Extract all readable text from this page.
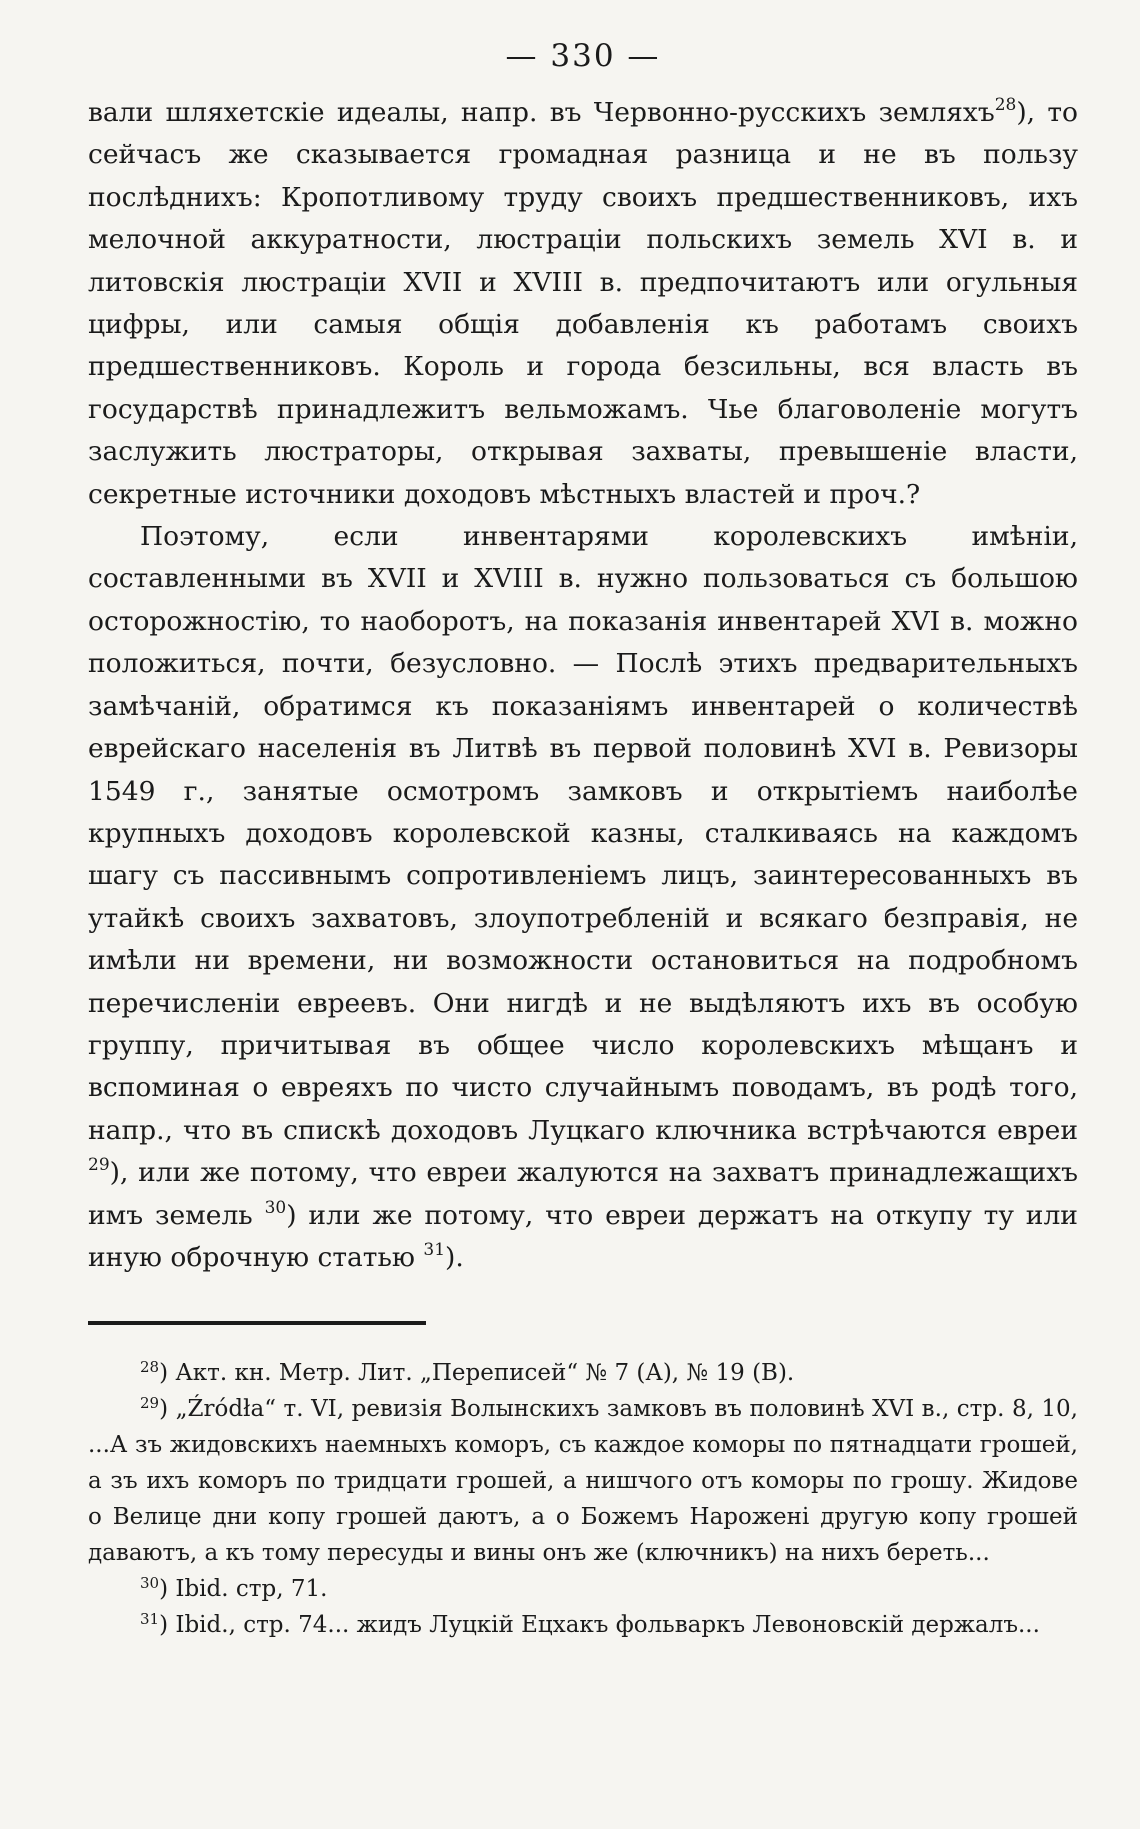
— 330 —

вали шляхетскіе идеалы, напр. въ Червонно-русскихъ земляхъ$^{28}$), то сейчасъ же сказывается громадная разница и не въ пользу послѣднихъ: Кропотливому труду своихъ предшественниковъ, ихъ мелочной аккуратности, люстраціи польскихъ земель XVI в. и литовскія люстраціи XVII и XVIII в. предпочитаютъ или огульныя цифры, или самыя общія добавленія къ работамъ своихъ предшественниковъ. Король и города безсильны, вся власть въ государствѣ принадлежитъ вельможамъ. Чье благоволеніе могутъ заслужить люстраторы, открывая захваты, превышеніе власти, секретные источники доходовъ мѣстныхъ властей и проч.?

Поэтому, если инвентарями королевскихъ имѣніи, составленными въ XVII и XVIII в. нужно пользоваться съ большою осторожностію, то наоборотъ, на показанія инвентарей XVI в. можно положиться, почти, безусловно. — Послѣ этихъ предварительныхъ замѣчаній, обратимся къ показаніямъ инвентарей о количествѣ еврейскаго населенія въ Литвѣ въ первой половинѣ XVI в. Ревизоры 1549 г., занятые осмотромъ замковъ и открытіемъ наиболѣе крупныхъ доходовъ королевской казны, сталкиваясь на каждомъ шагу съ пассивнымъ сопротивленіемъ лицъ, заинтересованныхъ въ утайкѣ своихъ захватовъ, злоупотребленій и всякаго безправія, не имѣли ни времени, ни возможности остановиться на подробномъ перечисленіи евреевъ. Они нигдѣ и не выдѣляютъ ихъ въ особую группу, причитывая въ общее число королевскихъ мѣщанъ и вспоминая о евреяхъ по чисто случайнымъ поводамъ, въ родѣ того, напр., что въ спискѣ доходовъ Луцкаго ключника встрѣчаются евреи $^{29}$), или же потому, что евреи жалуются на захватъ принадлежащихъ имъ земель $^{30}$) или же потому, что евреи держатъ на откупу ту или иную оброчную статью $^{31}$).

$^{28}$) Акт. кн. Метр. Лит. „Переписей“ № 7 (А), № 19 (В).

$^{29}$) „Źródła“ т. VI, ревизія Волынскихъ замковъ въ половинѣ XVI в., стр. 8, 10, ...А зъ жидовскихъ наемныхъ коморъ, съ каждое коморы по пятнадцати грошей, а зъ ихъ коморъ по тридцати грошей, а нишчого отъ коморы по грошу. Жидове о Велице дни копу грошей даютъ, а о Божемъ Нароженi другую копу грошей даваютъ, а къ тому пересуды и вины онъ же (ключникъ) на нихъ береть...

$^{30}$) Ibid. стр, 71.

$^{31}$) Ibid., стр. 74... жидъ Луцкій Ецхакъ фольваркъ Левоновскій держалъ...
